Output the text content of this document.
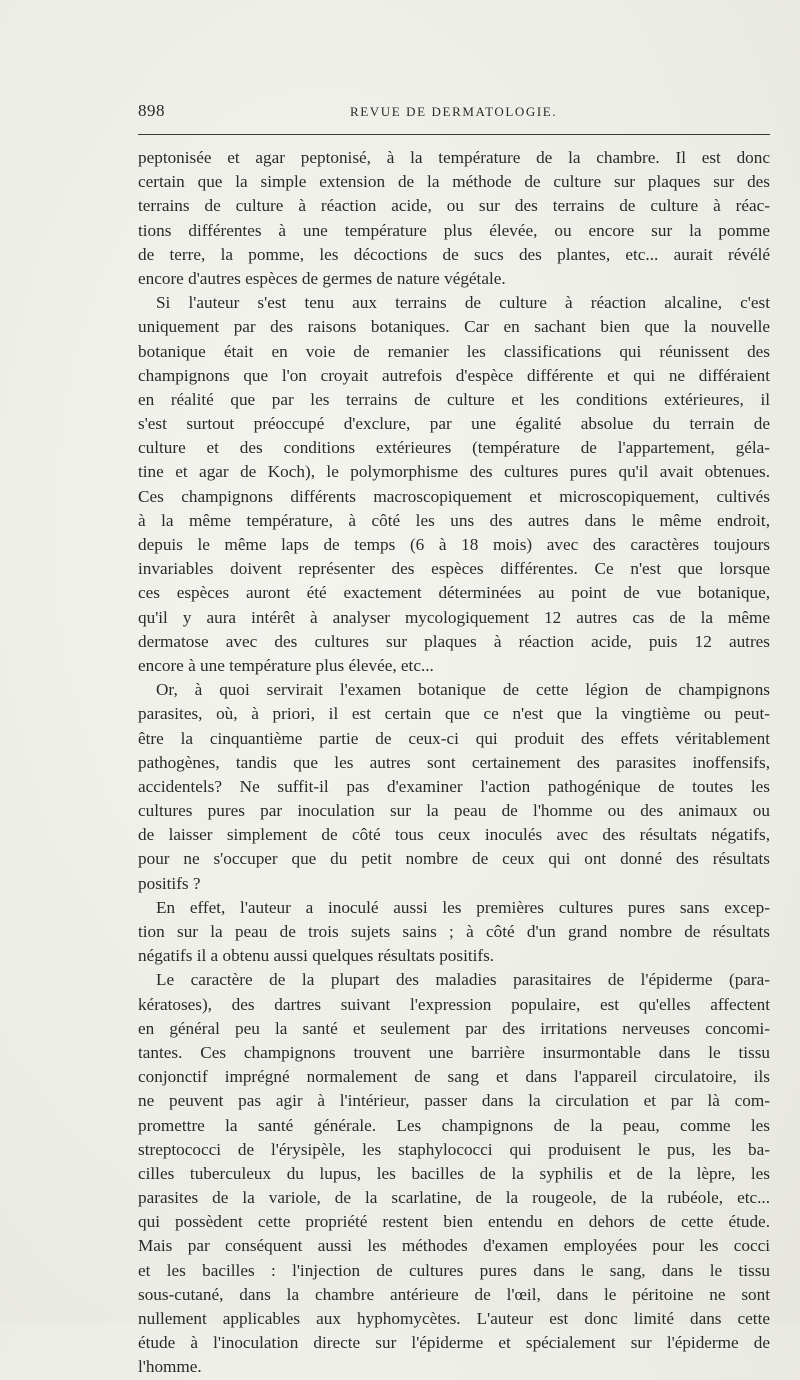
898	REVUE DE DERMATOLOGIE.
peptonisée et agar peptonisé, à la température de la chambre. Il est donc
certain que la simple extension de la méthode de culture sur plaques sur des
terrains de culture à réaction acide, ou sur des terrains de culture à réac-
tions différentes à une température plus élevée, ou encore sur la pomme
de terre, la pomme, les décoctions de sucs des plantes, etc... aurait révélé
encore d'autres espèces de germes de nature végétale.
Si l'auteur s'est tenu aux terrains de culture à réaction alcaline, c'est
uniquement par des raisons botaniques. Car en sachant bien que la nouvelle
botanique était en voie de remanier les classifications qui réunissent des
champignons que l'on croyait autrefois d'espèce différente et qui ne différaient
en réalité que par les terrains de culture et les conditions extérieures, il
s'est surtout préoccupé d'exclure, par une égalité absolue du terrain de
culture et des conditions extérieures (température de l'appartement, géla-
tine et agar de Koch), le polymorphisme des cultures pures qu'il avait obtenues.
Ces champignons différents macroscopiquement et microscopiquement, cultivés
à la même température, à côté les uns des autres dans le même endroit,
depuis le même laps de temps (6 à 18 mois) avec des caractères toujours
invariables doivent représenter des espèces différentes. Ce n'est que lorsque
ces espèces auront été exactement déterminées au point de vue botanique,
qu'il y aura intérêt à analyser mycologiquement 12 autres cas de la même
dermatose avec des cultures sur plaques à réaction acide, puis 12 autres
encore à une température plus élevée, etc...
Or, à quoi servirait l'examen botanique de cette légion de champignons
parasites, où, à priori, il est certain que ce n'est que la vingtième ou peut-
être la cinquantième partie de ceux-ci qui produit des effets véritablement
pathogènes, tandis que les autres sont certainement des parasites inoffensifs,
accidentels? Ne suffit-il pas d'examiner l'action pathogénique de toutes les
cultures pures par inoculation sur la peau de l'homme ou des animaux ou
de laisser simplement de côté tous ceux inoculés avec des résultats négatifs,
pour ne s'occuper que du petit nombre de ceux qui ont donné des résultats
positifs ?
En effet, l'auteur a inoculé aussi les premières cultures pures sans excep-
tion sur la peau de trois sujets sains ; à côté d'un grand nombre de résultats
négatifs il a obtenu aussi quelques résultats positifs.
Le caractère de la plupart des maladies parasitaires de l'épiderme (para-
kératoses), des dartres suivant l'expression populaire, est qu'elles affectent
en général peu la santé et seulement par des irritations nerveuses concomi-
tantes. Ces champignons trouvent une barrière insurmontable dans le tissu
conjonctif imprégné normalement de sang et dans l'appareil circulatoire, ils
ne peuvent pas agir à l'intérieur, passer dans la circulation et par là com-
promettre la santé générale. Les champignons de la peau, comme les
streptococci de l'érysipèle, les staphylococci qui produisent le pus, les ba-
cilles tuberculeux du lupus, les bacilles de la syphilis et de la lèpre, les
parasites de la variole, de la scarlatine, de la rougeole, de la rubéole, etc...
qui possèdent cette propriété restent bien entendu en dehors de cette étude.
Mais par conséquent aussi les méthodes d'examen employées pour les cocci
et les bacilles : l'injection de cultures pures dans le sang, dans le tissu
sous-cutané, dans la chambre antérieure de l'œil, dans le péritoine ne sont
nullement applicables aux hyphomycètes. L'auteur est donc limité dans cette
étude à l'inoculation directe sur l'épiderme et spécialement sur l'épiderme de
l'homme.
